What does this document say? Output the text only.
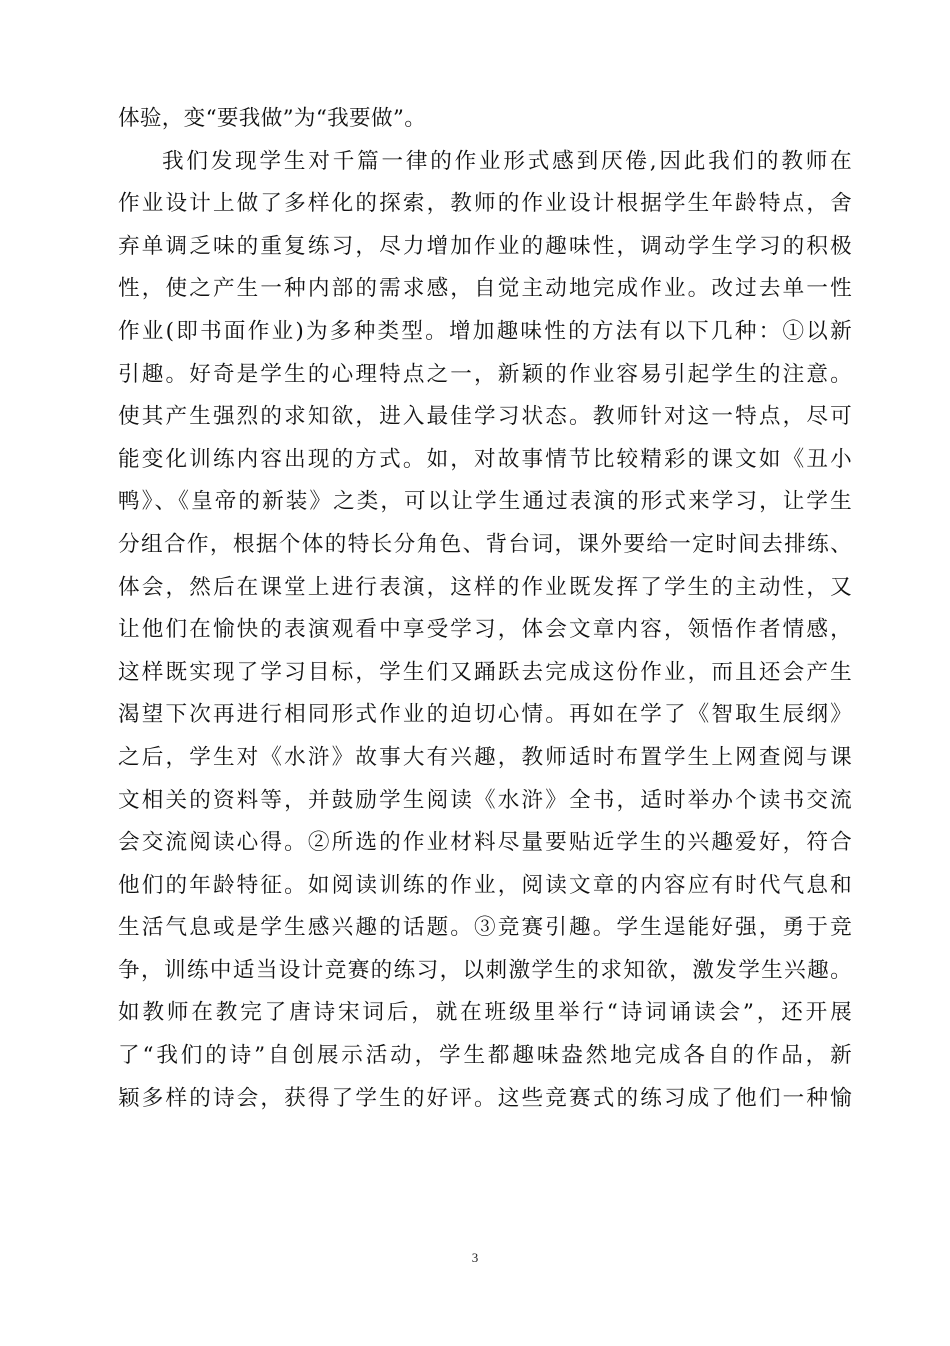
体验，变“要我做”为“我要做”。
我们发现学生对千篇一律的作业形式感到厌倦,因此我们的教师在
作业设计上做了多样化的探索，教师的作业设计根据学生年龄特点，舍
弃单调乏味的重复练习，尽力增加作业的趣味性，调动学生学习的积极
性，使之产生一种内部的需求感，自觉主动地完成作业。改过去单一性
作业(即书面作业)为多种类型。增加趣味性的方法有以下几种：①以新
引趣。好奇是学生的心理特点之一，新颖的作业容易引起学生的注意。
使其产生强烈的求知欲，进入最佳学习状态。教师针对这一特点，尽可
能变化训练内容出现的方式。如，对故事情节比较精彩的课文如《丑小
鸭》、《皇帝的新装》之类，可以让学生通过表演的形式来学习，让学生
分组合作，根据个体的特长分角色、背台词，课外要给一定时间去排练、
体会，然后在课堂上进行表演，这样的作业既发挥了学生的主动性，又
让他们在愉快的表演观看中享受学习，体会文章内容，领悟作者情感，
这样既实现了学习目标，学生们又踊跃去完成这份作业，而且还会产生
渴望下次再进行相同形式作业的迫切心情。再如在学了《智取生辰纲》
之后，学生对《水浒》故事大有兴趣，教师适时布置学生上网查阅与课
文相关的资料等，并鼓励学生阅读《水浒》全书，适时举办个读书交流
会交流阅读心得。②所选的作业材料尽量要贴近学生的兴趣爱好，符合
他们的年龄特征。如阅读训练的作业，阅读文章的内容应有时代气息和
生活气息或是学生感兴趣的话题。③竞赛引趣。学生逞能好强，勇于竞
争，训练中适当设计竞赛的练习，以刺激学生的求知欲，激发学生兴趣。
如教师在教完了唐诗宋词后，就在班级里举行“诗词诵读会”，还开展
了“我们的诗”自创展示活动，学生都趣味盎然地完成各自的作品，新
颖多样的诗会，获得了学生的好评。这些竞赛式的练习成了他们一种愉
3
